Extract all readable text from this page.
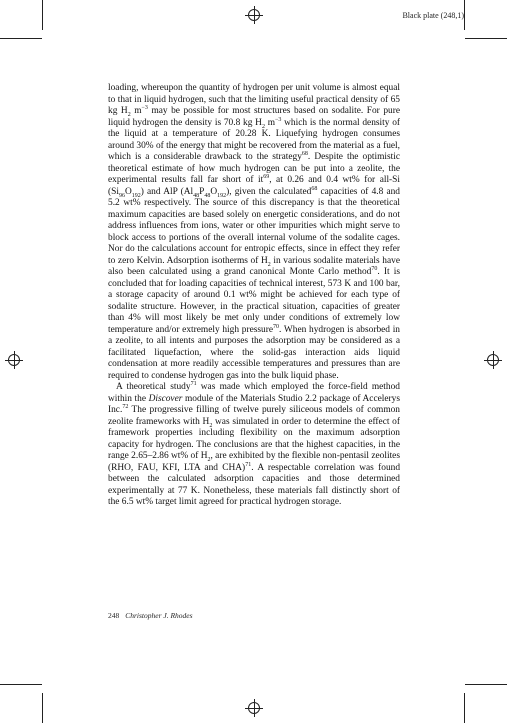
Black plate (248,1)

loading, whereupon the quantity of hydrogen per unit volume is almost equal to that in liquid hydrogen, such that the limiting useful practical density of 65 kg $H_2$ $m^{-3}$ may be possible for most structures based on sodalite. For pure liquid hydrogen the density is 70.8 kg $H_2$ $m^{-3}$ which is the normal density of the liquid at a temperature of 20.28 K. Liquefying hydrogen consumes around 30% of the energy that might be recovered from the material as a fuel, which is a considerable drawback to the strategy$^{68}$. Despite the optimistic theoretical estimate of how much hydrogen can be put into a zeolite, the experimental results fall far short of $it^{69}$, at 0.26 and 0.4 wt% for all-Si $(Si_{96}O_{192})$ and AlP $(Al_{48}P_{48}O_{192})$, given the calculated$^{68}$ capacities of 4.8 and 5.2 wt% respectively. The source of this discrepancy is that the theoretical maximum capacities are based solely on energetic considerations, and do not address influences from ions, water or other impurities which might serve to block access to portions of the overall internal volume of the sodalite cages. Nor do the calculations account for entropic effects, since in effect they refer to zero Kelvin. Adsorption isotherms of $H_2$ in various sodalite materials have also been calculated using a grand canonical Monte Carlo method$^{70}$. It is concluded that for loading capacities of technical interest, 573 K and 100 bar, a storage capacity of around 0.1 wt% might be achieved for each type of sodalite structure. However, in the practical situation, capacities of greater than 4% will most likely be met only under conditions of extremely low temperature and/or extremely high pressure$^{70}$. When hydrogen is absorbed in a zeolite, to all intents and purposes the adsorption may be considered as a facilitated liquefaction, where the solid-gas interaction aids liquid condensation at more readily accessible temperatures and pressures than are required to condense hydrogen gas into the bulk liquid phase.

A theoretical study$^{71}$ was made which employed the force-field method within the Discover module of the Materials Studio 2.2 package of Accelerys Inc.$^{72}$ The progressive filling of twelve purely siliceous models of common zeolite frameworks with $H_2$ was simulated in order to determine the effect of framework properties including flexibility on the maximum adsorption capacity for hydrogen. The conclusions are that the highest capacities, in the range 2.65–2.86 wt% of $H_2$, are exhibited by the flexible non-pentasil zeolites (RHO, FAU, KFI, LTA and CHA)$^{71}$. A respectable correlation was found between the calculated adsorption capacities and those determined experimentally at 77 K. Nonetheless, these materials fall distinctly short of the 6.5 wt% target limit agreed for practical hydrogen storage.

248 Christopher J. Rhodes
